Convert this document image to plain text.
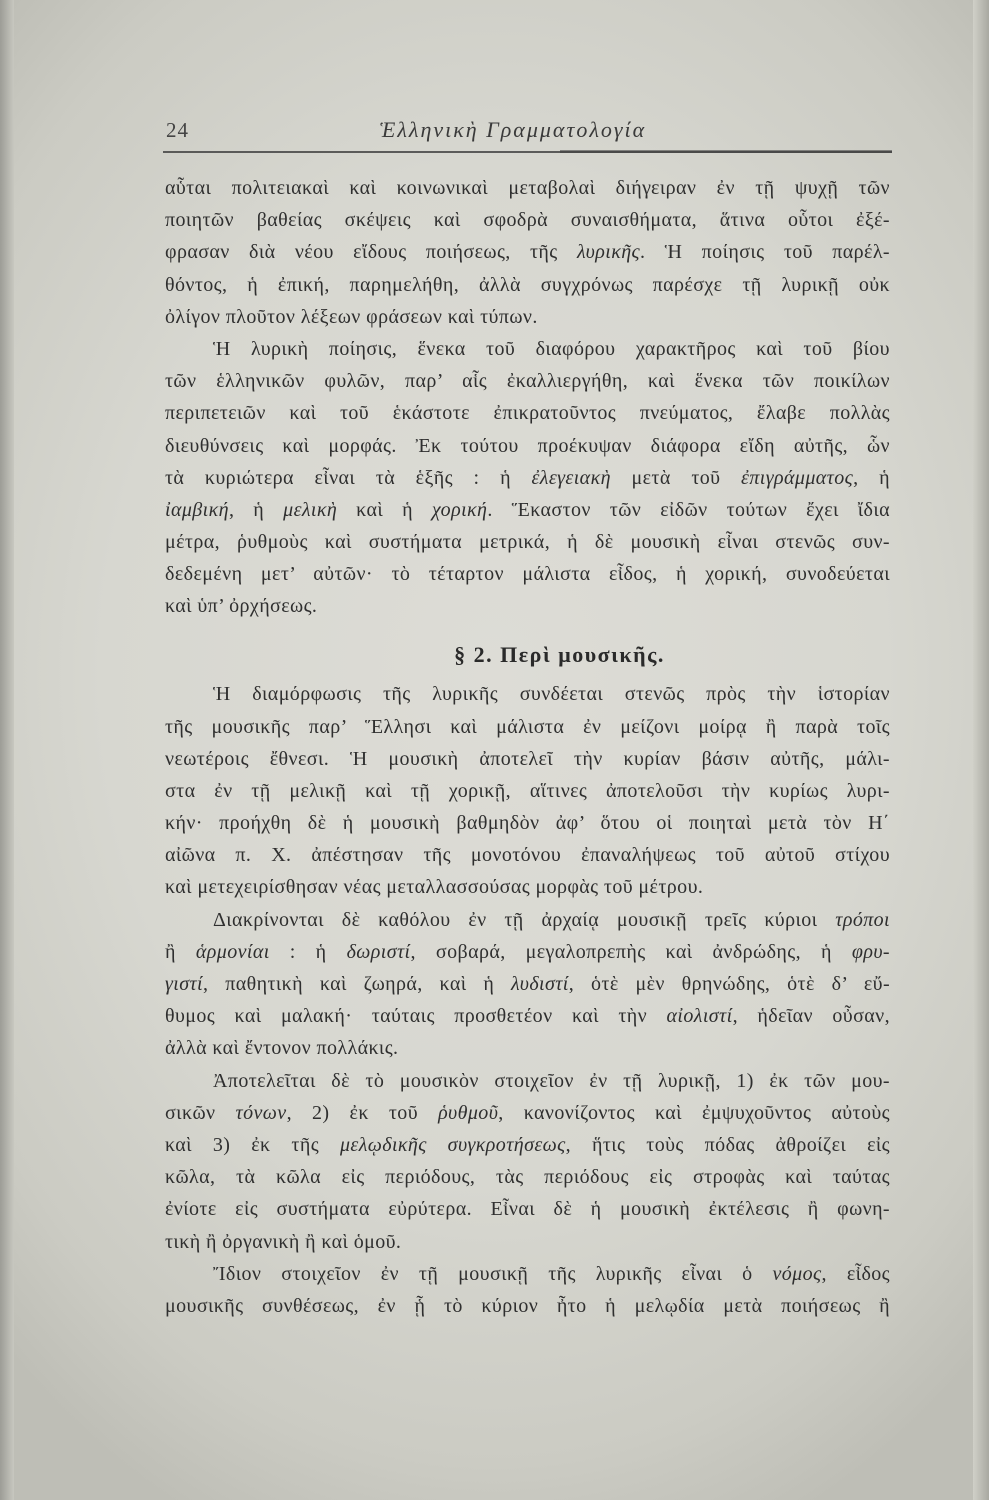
24	Ἑλληνικὴ Γραμματολογία
αὗται πολιτειακαὶ καὶ κοινωνικαὶ μεταβολαὶ διήγειραν ἐν τῇ ψυχῇ τῶν
ποιητῶν βαθείας σκέψεις καὶ σφοδρὰ συναισθήματα, ἅτινα οὗτοι ἐξέ-
φρασαν διὰ νέου εἴδους ποιήσεως, τῆς λυρικῆς. Ἡ ποίησις τοῦ παρέλ-
θόντος, ἡ ἐπική, παρημελήθη, ἀλλὰ συγχρόνως παρέσχε τῇ λυρικῇ οὐκ
ὀλίγον πλοῦτον λέξεων φράσεων καὶ τύπων.
Ἡ λυρικὴ ποίησις, ἕνεκα τοῦ διαφόρου χαρακτῆρος καὶ τοῦ βίου
τῶν ἑλληνικῶν φυλῶν, παρ’ αἷς ἐκαλλιεργήθη, καὶ ἕνεκα τῶν ποικίλων
περιπετειῶν καὶ τοῦ ἑκάστοτε ἐπικρατοῦντος πνεύματος, ἔλαβε πολλὰς
διευθύνσεις καὶ μορφάς. Ἐκ τούτου προέκυψαν διάφορα εἴδη αὐτῆς, ὧν
τὰ κυριώτερα εἶναι τὰ ἑξῆς : ἡ ἐλεγειακὴ μετὰ τοῦ ἐπιγράμματος, ἡ
ἰαμβική, ἡ μελικὴ καὶ ἡ χορική. Ἕκαστον τῶν εἰδῶν τούτων ἔχει ἴδια
μέτρα, ῥυθμοὺς καὶ συστήματα μετρικά, ἡ δὲ μουσικὴ εἶναι στενῶς συν-
δεδεμένη μετ’ αὐτῶν· τὸ τέταρτον μάλιστα εἶδος, ἡ χορική, συνοδεύεται
καὶ ὑπ’ ὀρχήσεως.
§ 2. Περὶ μουσικῆς.
Ἡ διαμόρφωσις τῆς λυρικῆς συνδέεται στενῶς πρὸς τὴν ἱστορίαν
τῆς μουσικῆς παρ’ Ἕλλησι καὶ μάλιστα ἐν μείζονι μοίρᾳ ἢ παρὰ τοῖς
νεωτέροις ἔθνεσι. Ἡ μουσικὴ ἀποτελεῖ τὴν κυρίαν βάσιν αὐτῆς, μάλι-
στα ἐν τῇ μελικῇ καὶ τῇ χορικῇ, αἵτινες ἀποτελοῦσι τὴν κυρίως λυρι-
κήν· προήχθη δὲ ἡ μουσικὴ βαθμηδὸν ἀφ’ ὅτου οἱ ποιηταὶ μετὰ τὸν Η΄
αἰῶνα π. Χ. ἀπέστησαν τῆς μονοτόνου ἐπαναλήψεως τοῦ αὐτοῦ στίχου
καὶ μετεχειρίσθησαν νέας μεταλλασσούσας μορφὰς τοῦ μέτρου.
Διακρίνονται δὲ καθόλου ἐν τῇ ἀρχαίᾳ μουσικῇ τρεῖς κύριοι τρόποι
ἢ ἁρμονίαι : ἡ δωριστί, σοβαρά, μεγαλοπρεπὴς καὶ ἀνδρώδης, ἡ φρυ-
γιστί, παθητικὴ καὶ ζωηρά, καὶ ἡ λυδιστί, ὁτὲ μὲν θρηνώδης, ὁτὲ δ’ εὔ-
θυμος καὶ μαλακή· ταύταις προσθετέον καὶ τὴν αἰολιστί, ἡδεῖαν οὖσαν,
ἀλλὰ καὶ ἔντονον πολλάκις.
Ἀποτελεῖται δὲ τὸ μουσικὸν στοιχεῖον ἐν τῇ λυρικῇ, 1) ἐκ τῶν μου-
σικῶν τόνων, 2) ἐκ τοῦ ῥυθμοῦ, κανονίζοντος καὶ ἐμψυχοῦντος αὐτοὺς
καὶ 3) ἐκ τῆς μελῳδικῆς συγκροτήσεως, ἥτις τοὺς πόδας ἀθροίζει εἰς
κῶλα, τὰ κῶλα εἰς περιόδους, τὰς περιόδους εἰς στροφὰς καὶ ταύτας
ἐνίοτε εἰς συστήματα εὐρύτερα. Εἶναι δὲ ἡ μουσικὴ ἐκτέλεσις ἢ φωνη-
τικὴ ἢ ὀργανικὴ ἢ καὶ ὁμοῦ.
Ἴδιον στοιχεῖον ἐν τῇ μουσικῇ τῆς λυρικῆς εἶναι ὁ νόμος, εἶδος
μουσικῆς συνθέσεως, ἐν ᾗ τὸ κύριον ἦτο ἡ μελῳδία μετὰ ποιήσεως ἢ
